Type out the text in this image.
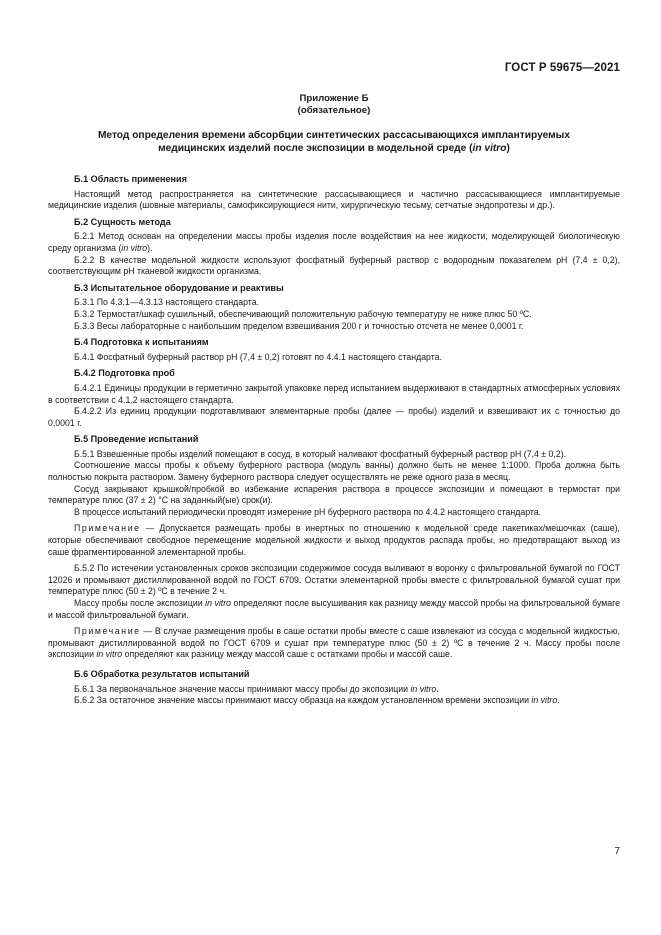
ГОСТ Р 59675—2021
Приложение Б
(обязательное)
Метод определения времени абсорбции синтетических рассасывающихся имплантируемых
медицинских изделий после экспозиции в модельной среде (in vitro)
Б.1 Область применения

Настоящий метод распространяется на синтетические рассасывающиеся и частично рассасывающиеся имплантируемые медицинские изделия (шовные материалы, самофиксирующиеся нити, хирургическую тесьму, сетчатые эндопротезы и др.).

Б.2 Сущность метода

Б.2.1 Метод основан на определении массы пробы изделия после воздействия на нее жидкости, моделирующей биологическую среду организма (in vitro).

Б.2.2 В качестве модельной жидкости используют фосфатный буферный раствор с водородным показателем pH (7,4 ± 0,2), соответствующим pH тканевой жидкости организма.

Б.3 Испытательное оборудование и реактивы

Б.3.1 По 4.3.1—4.3.13 настоящего стандарта.

Б.3.2 Термостат/шкаф сушильный, обеспечивающий положительную рабочую температуру не ниже плюс 50 ºС.

Б.3.3 Весы лабораторные с наибольшим пределом взвешивания 200 г и точностью отсчета не менее 0,0001 г.

Б.4 Подготовка к испытаниям

Б.4.1 Фосфатный буферный раствор pH (7,4 ± 0,2) готовят по 4.4.1 настоящего стандарта.

Б.4.2 Подготовка проб

Б.4.2.1 Единицы продукции в герметично закрытой упаковке перед испытанием выдерживают в стандартных атмосферных условиях в соответствии с 4.1.2 настоящего стандарта.

Б.4.2.2 Из единиц продукции подготавливают элементарные пробы (далее — пробы) изделий и взвешивают их с точностью до 0,0001 г.

Б.5 Проведение испытаний

Б.5.1 Взвешенные пробы изделий помещают в сосуд, в который наливают фосфатный буферный раствор pH (7,4 ± 0,2).

Соотношение массы пробы к объему буферного раствора (модуль ванны) должно быть не менее 1:1000. Проба должна быть полностью покрыта раствором. Замену буферного раствора следует осуществлять не реже одного раза в месяц.

Сосуд закрывают крышкой/пробкой во избежание испарения раствора в процессе экспозиции и помещают в термостат при температуре плюс (37 ± 2) °С на заданный(ые) срок(и).

В процессе испытаний периодически проводят измерение pH буферного раствора по 4.4.2 настоящего стандарта.

Примечание — Допускается размещать пробы в инертных по отношению к модельной среде пакетиках/мешочках (саше), которые обеспечивают свободное перемещение модельной жидкости и выход продуктов распада пробы, но предотвращают выход из саше фрагментированной элементарной пробы.

Б.5.2 По истечении установленных сроков экспозиции содержимое сосуда выливают в воронку с фильтровальной бумагой по ГОСТ 12026 и промывают дистиллированной водой по ГОСТ 6709. Остатки элементарной пробы вместе с фильтровальной бумагой сушат при температуре плюс (50 ± 2) ºС в течение 2 ч.

Массу пробы после экспозиции in vitro определяют после высушивания как разницу между массой пробы на фильтровальной бумаге и массой фильтровальной бумаги.

Примечание — В случае размещения пробы в саше остатки пробы вместе с саше извлекают из сосуда с модельной жидкостью, промывают дистиллированной водой по ГОСТ 6709 и сушат при температуре плюс (50 ± 2) ºС в течение 2 ч. Массу пробы после экспозиции in vitro определяют как разницу между массой саше с остатками пробы и массой саше.

Б.6 Обработка результатов испытаний

Б.6.1 За первоначальное значение массы принимают массу пробы до экспозиции in vitro.

Б.6.2 За остаточное значение массы принимают массу образца на каждом установленном времени экспозиции in vitro.

7
